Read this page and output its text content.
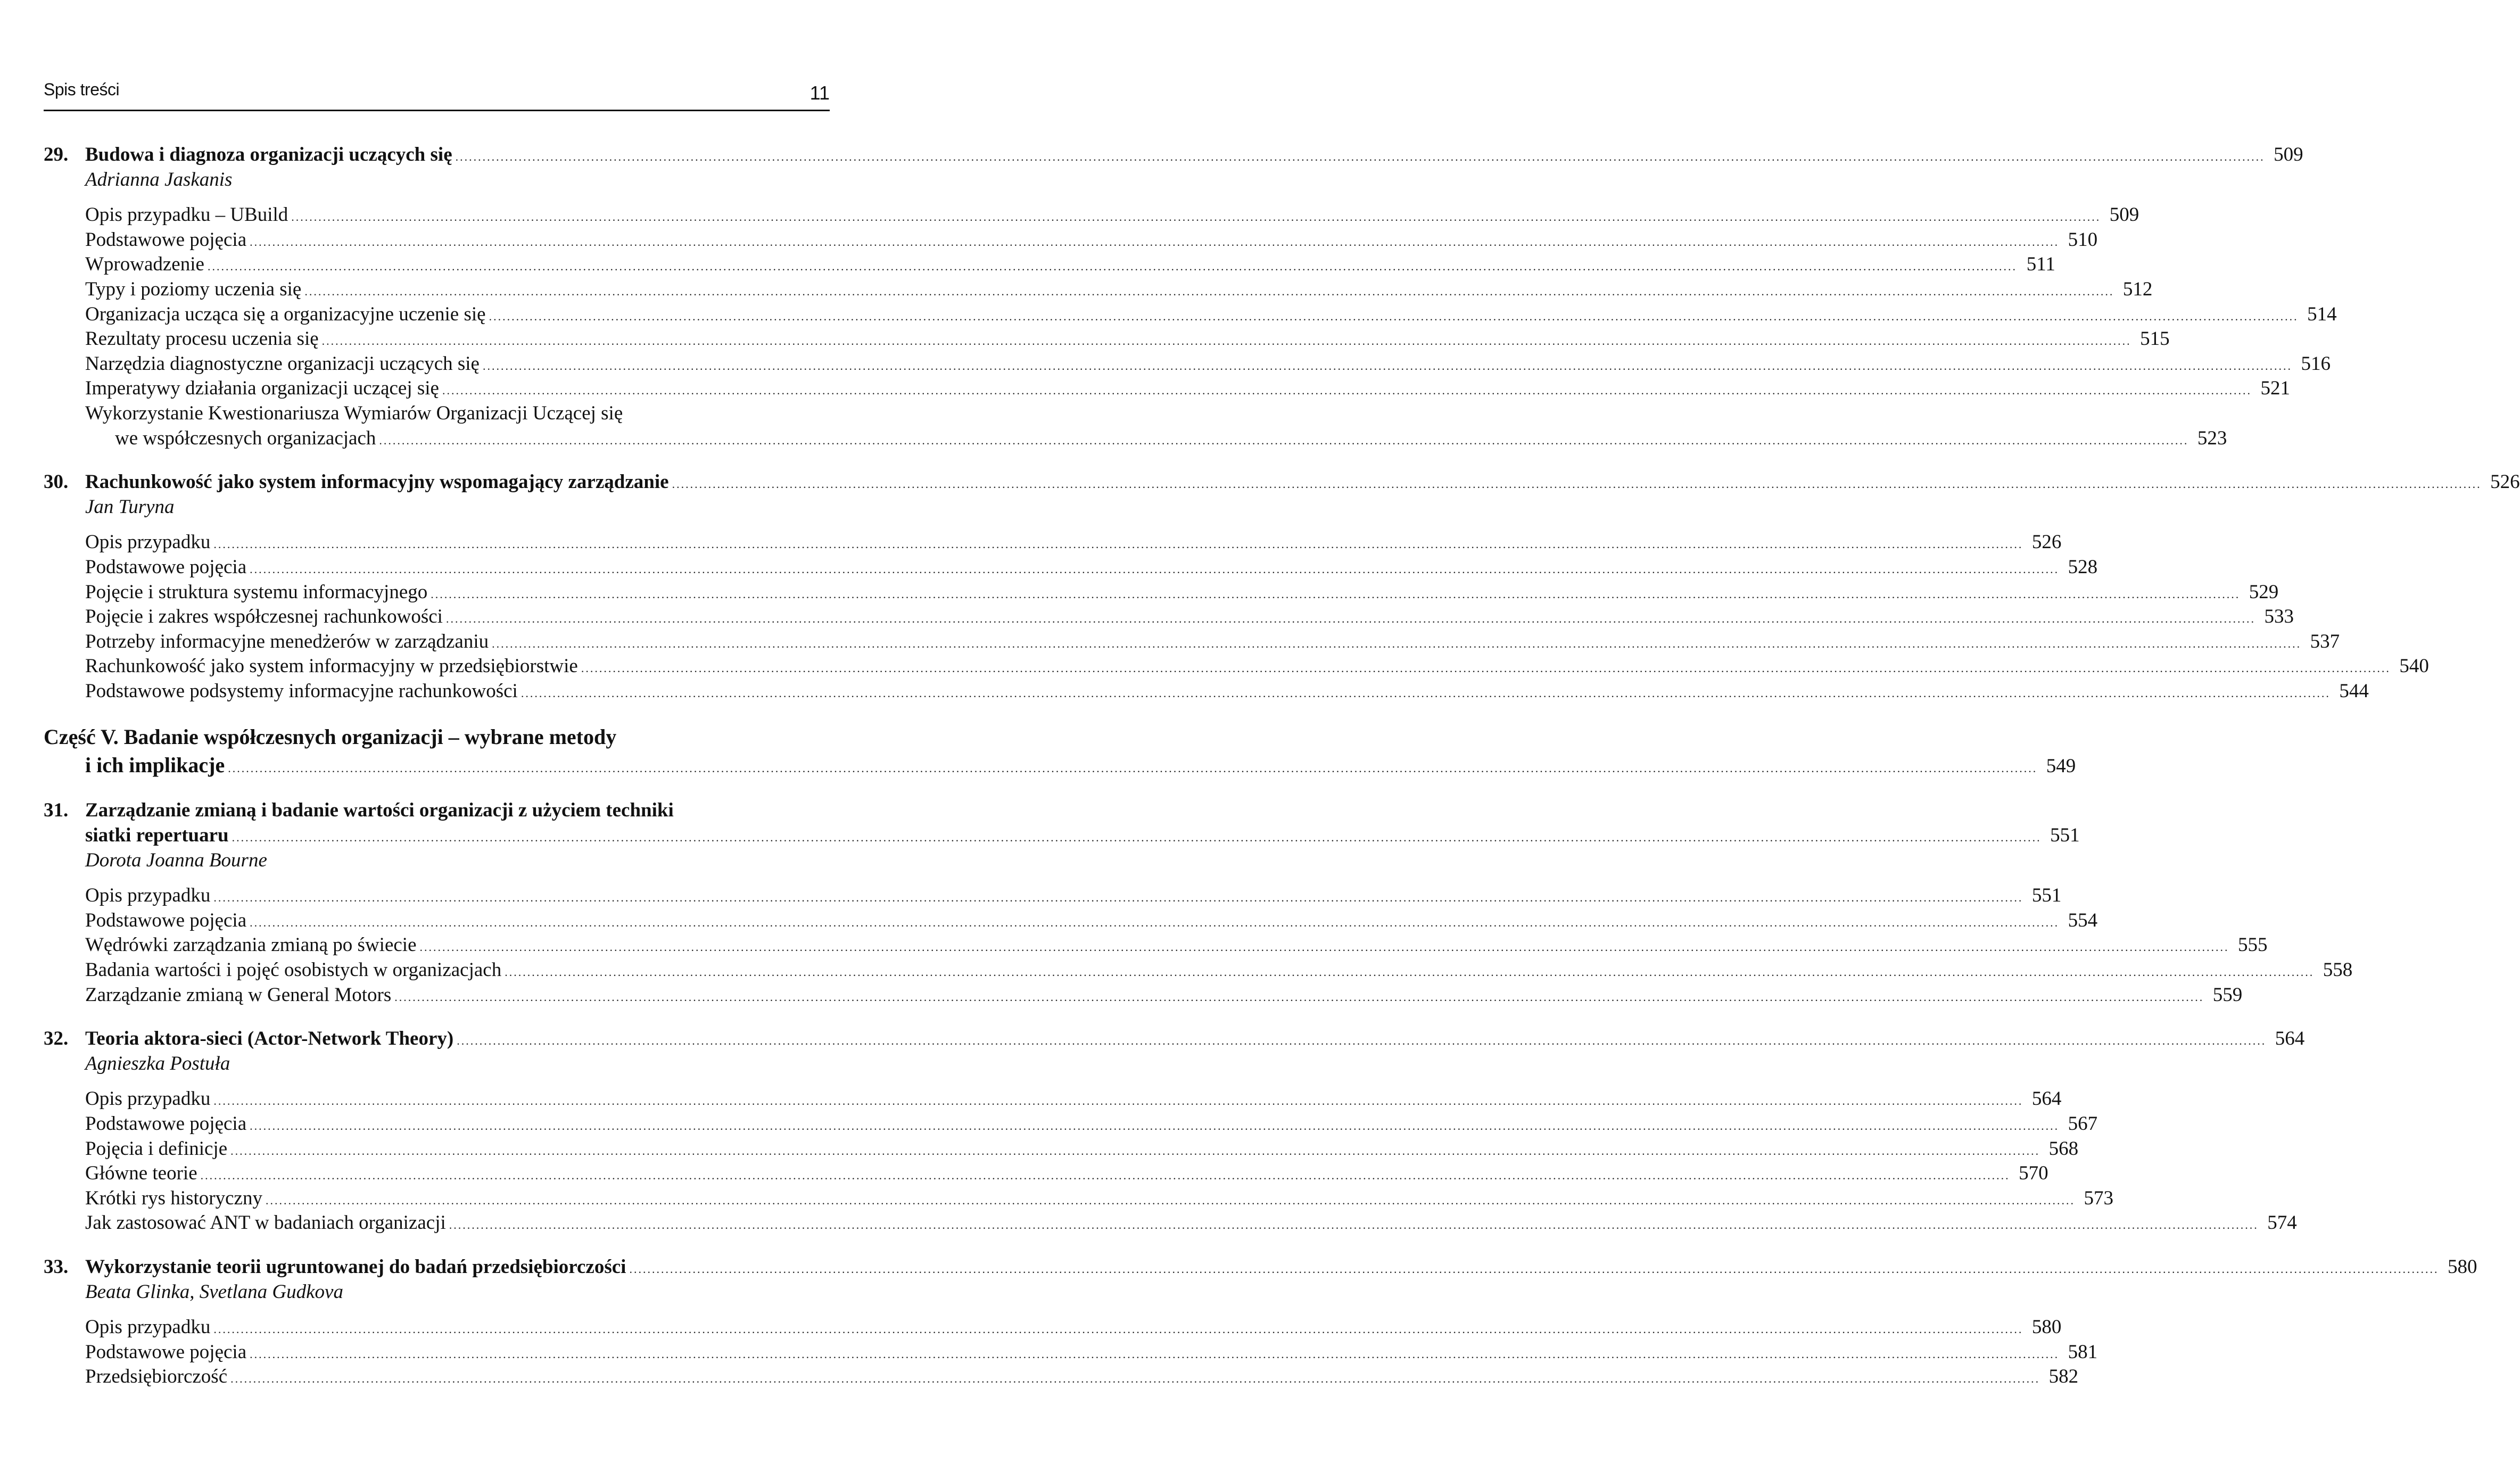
Spis treści	11
29. Budowa i diagnoza organizacji uczących się ................................................................................................................................................................................................................................................................................................................................................................................................................ 509
Adrianna Jaskanis
Opis przypadku – UBuild ................................................................................................................................................................................................................................................................................................................................................................................................................ 509
Podstawowe pojęcia ................................................................................................................................................................................................................................................................................................................................................................................................................ 510
Wprowadzenie ................................................................................................................................................................................................................................................................................................................................................................................................................ 511
Typy i poziomy uczenia się ................................................................................................................................................................................................................................................................................................................................................................................................................ 512
Organizacja ucząca się a organizacyjne uczenie się ................................................................................................................................................................................................................................................................................................................................................................................................................ 514
Rezultaty procesu uczenia się ................................................................................................................................................................................................................................................................................................................................................................................................................ 515
Narzędzia diagnostyczne organizacji uczących się ................................................................................................................................................................................................................................................................................................................................................................................................................ 516
Imperatywy działania organizacji uczącej się ................................................................................................................................................................................................................................................................................................................................................................................................................ 521
Wykorzystanie Kwestionariusza Wymiarów Organizacji Uczącej się
we współczesnych organizacjach ................................................................................................................................................................................................................................................................................................................................................................................................................ 523
30. Rachunkowość jako system informacyjny wspomagający zarządzanie ................................................................................................................................................................................................................................................................................................................................................................................................................ 526
Jan Turyna
Opis przypadku ................................................................................................................................................................................................................................................................................................................................................................................................................ 526
Podstawowe pojęcia ................................................................................................................................................................................................................................................................................................................................................................................................................ 528
Pojęcie i struktura systemu informacyjnego ................................................................................................................................................................................................................................................................................................................................................................................................................ 529
Pojęcie i zakres współczesnej rachunkowości ................................................................................................................................................................................................................................................................................................................................................................................................................ 533
Potrzeby informacyjne menedżerów w zarządzaniu ................................................................................................................................................................................................................................................................................................................................................................................................................ 537
Rachunkowość jako system informacyjny w przedsiębiorstwie ................................................................................................................................................................................................................................................................................................................................................................................................................ 540
Podstawowe podsystemy informacyjne rachunkowości ................................................................................................................................................................................................................................................................................................................................................................................................................ 544
Część V. Badanie współczesnych organizacji – wybrane metody
i ich implikacje ................................................................................................................................................................................................................................................................................................................................................................................................................ 549
31. Zarządzanie zmianą i badanie wartości organizacji z użyciem techniki
siatki repertuaru ................................................................................................................................................................................................................................................................................................................................................................................................................ 551
Dorota Joanna Bourne
Opis przypadku ................................................................................................................................................................................................................................................................................................................................................................................................................ 551
Podstawowe pojęcia ................................................................................................................................................................................................................................................................................................................................................................................................................ 554
Wędrówki zarządzania zmianą po świecie ................................................................................................................................................................................................................................................................................................................................................................................................................ 555
Badania wartości i pojęć osobistych w organizacjach ................................................................................................................................................................................................................................................................................................................................................................................................................ 558
Zarządzanie zmianą w General Motors ................................................................................................................................................................................................................................................................................................................................................................................................................ 559
32. Teoria aktora-sieci (Actor-Network Theory) ................................................................................................................................................................................................................................................................................................................................................................................................................ 564
Agnieszka Postuła
Opis przypadku ................................................................................................................................................................................................................................................................................................................................................................................................................ 564
Podstawowe pojęcia ................................................................................................................................................................................................................................................................................................................................................................................................................ 567
Pojęcia i definicje ................................................................................................................................................................................................................................................................................................................................................................................................................ 568
Główne teorie ................................................................................................................................................................................................................................................................................................................................................................................................................ 570
Krótki rys historyczny ................................................................................................................................................................................................................................................................................................................................................................................................................ 573
Jak zastosować ANT w badaniach organizacji ................................................................................................................................................................................................................................................................................................................................................................................................................ 574
33. Wykorzystanie teorii ugruntowanej do badań przedsiębiorczości ................................................................................................................................................................................................................................................................................................................................................................................................................ 580
Beata Glinka, Svetlana Gudkova
Opis przypadku ................................................................................................................................................................................................................................................................................................................................................................................................................ 580
Podstawowe pojęcia ................................................................................................................................................................................................................................................................................................................................................................................................................ 581
Przedsiębiorczość ................................................................................................................................................................................................................................................................................................................................................................................................................ 582
